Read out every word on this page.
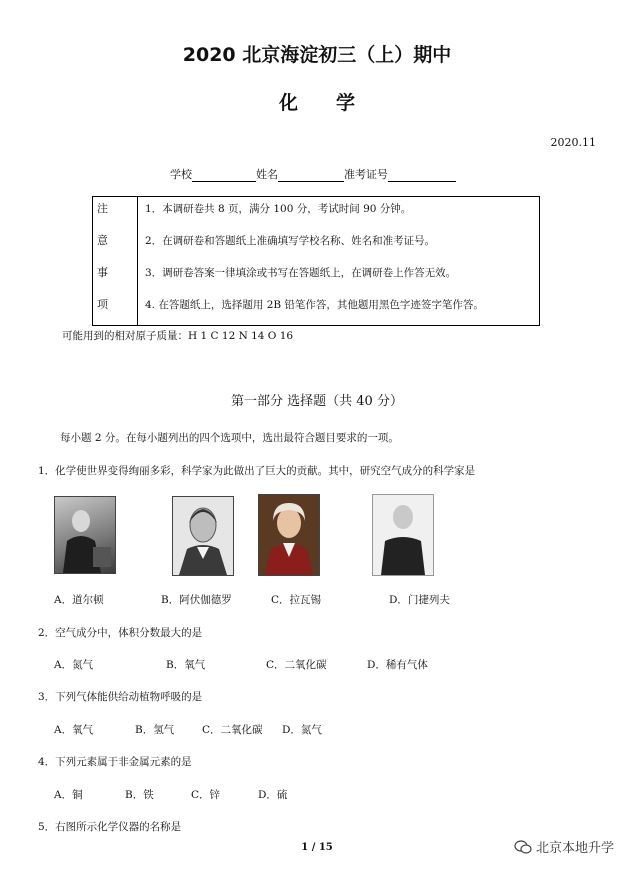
2020 北京海淀初三（上）期中
化学
2020.11
学校	姓名	准考证号
注
意
事
项
1．本调研卷共 8 页，满分 100 分，考试时间 90 分钟。
2．在调研卷和答题纸上准确填写学校名称、姓名和准考证号。
3．调研卷答案一律填涂或书写在答题纸上，在调研卷上作答无效。
4. 在答题纸上，选择题用 2B 铅笔作答，其他题用黑色字迹签字笔作答。
可能用到的相对原子质量：H 1 C 12 N 14 O 16
第一部分 选择题（共 40 分）
每小题 2 分。在每小题列出的四个选项中，选出最符合题目要求的一项。
1．化学使世界变得绚丽多彩，科学家为此做出了巨大的贡献。其中，研究空气成分的科学家是
A．道尔顿	B．阿伏伽德罗	C．拉瓦锡	D．门捷列夫
2．空气成分中，体积分数最大的是
A．氮气	B．氧气	C．二氧化碳	D．稀有气体
3．下列气体能供给动植物呼吸的是
A．氧气	B．氢气	C．二氧化碳 D．氮气
4．下列元素属于非金属元素的是
A．铜	B．铁	C．锌	D．硫
5．右图所示化学仪器的名称是
1 / 15	北京本地升学
